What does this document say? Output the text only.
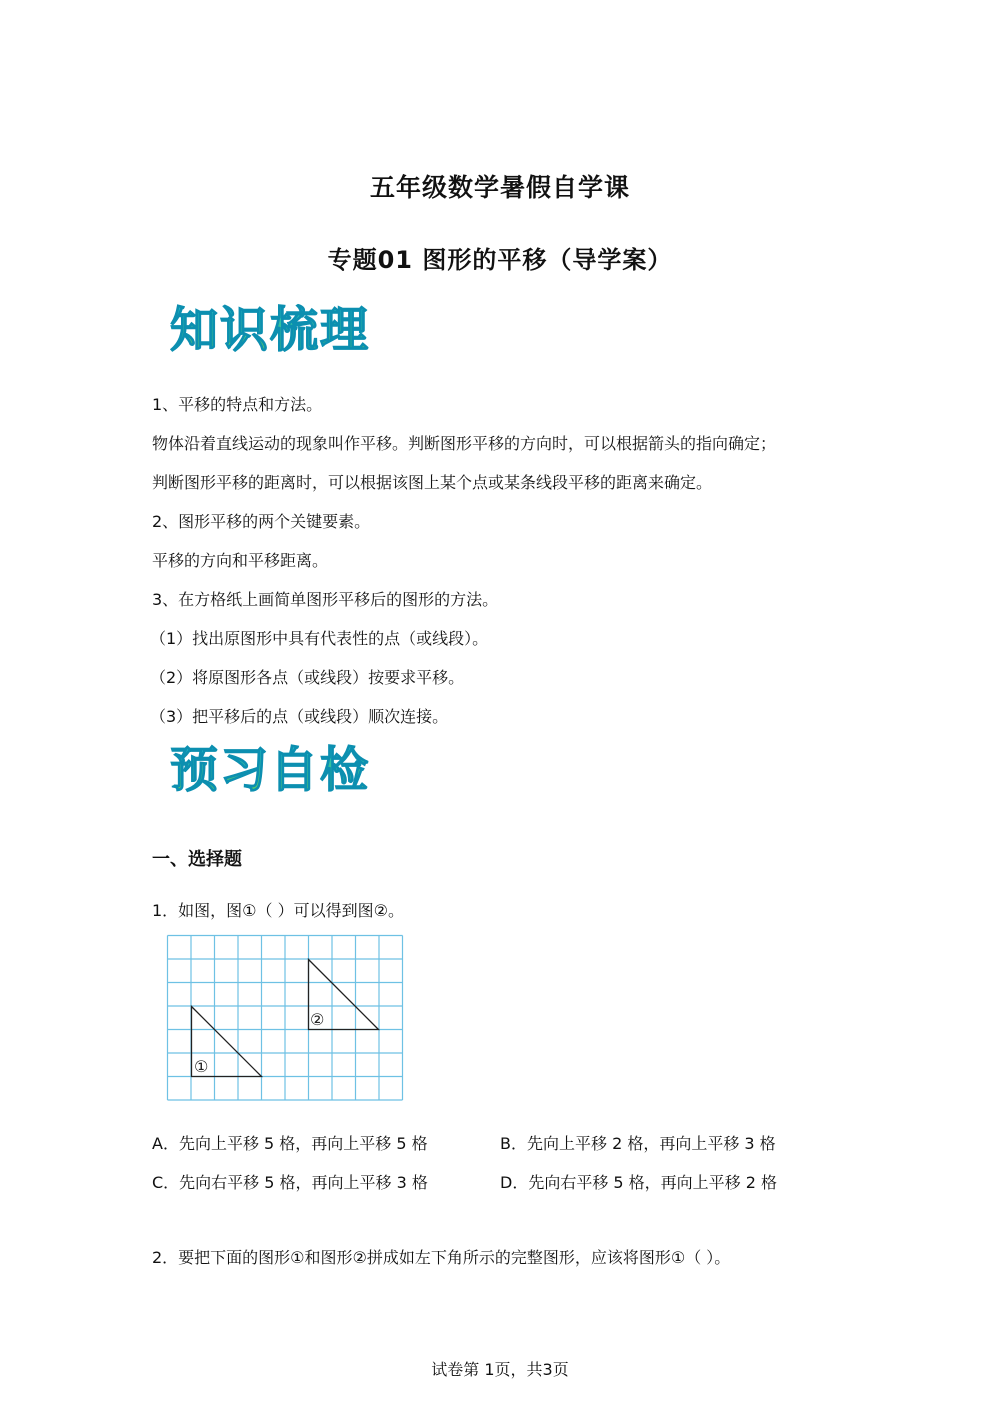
五年级数学暑假自学课
专题01 图形的平移（导学案）
知识梳理
1、平移的特点和方法。
物体沿着直线运动的现象叫作平移。判断图形平移的方向时，可以根据箭头的指向确定；
判断图形平移的距离时，可以根据该图上某个点或某条线段平移的距离来确定。
2、图形平移的两个关键要素。
平移的方向和平移距离。
3、在方格纸上画简单图形平移后的图形的方法。
（1）找出原图形中具有代表性的点（或线段）。
（2）将原图形各点（或线段）按要求平移。
（3）把平移后的点（或线段）顺次连接。
预习自检
一、选择题
1．如图，图①（ ）可以得到图②。
①
②
A．先向上平移 5 格，再向上平移 5 格	B．先向上平移 2 格，再向上平移 3 格
C．先向右平移 5 格，再向上平移 3 格	D．先向右平移 5 格，再向上平移 2 格
2．要把下面的图形①和图形②拼成如左下角所示的完整图形，应该将图形①（ ）。
试卷第 1页，共3页
